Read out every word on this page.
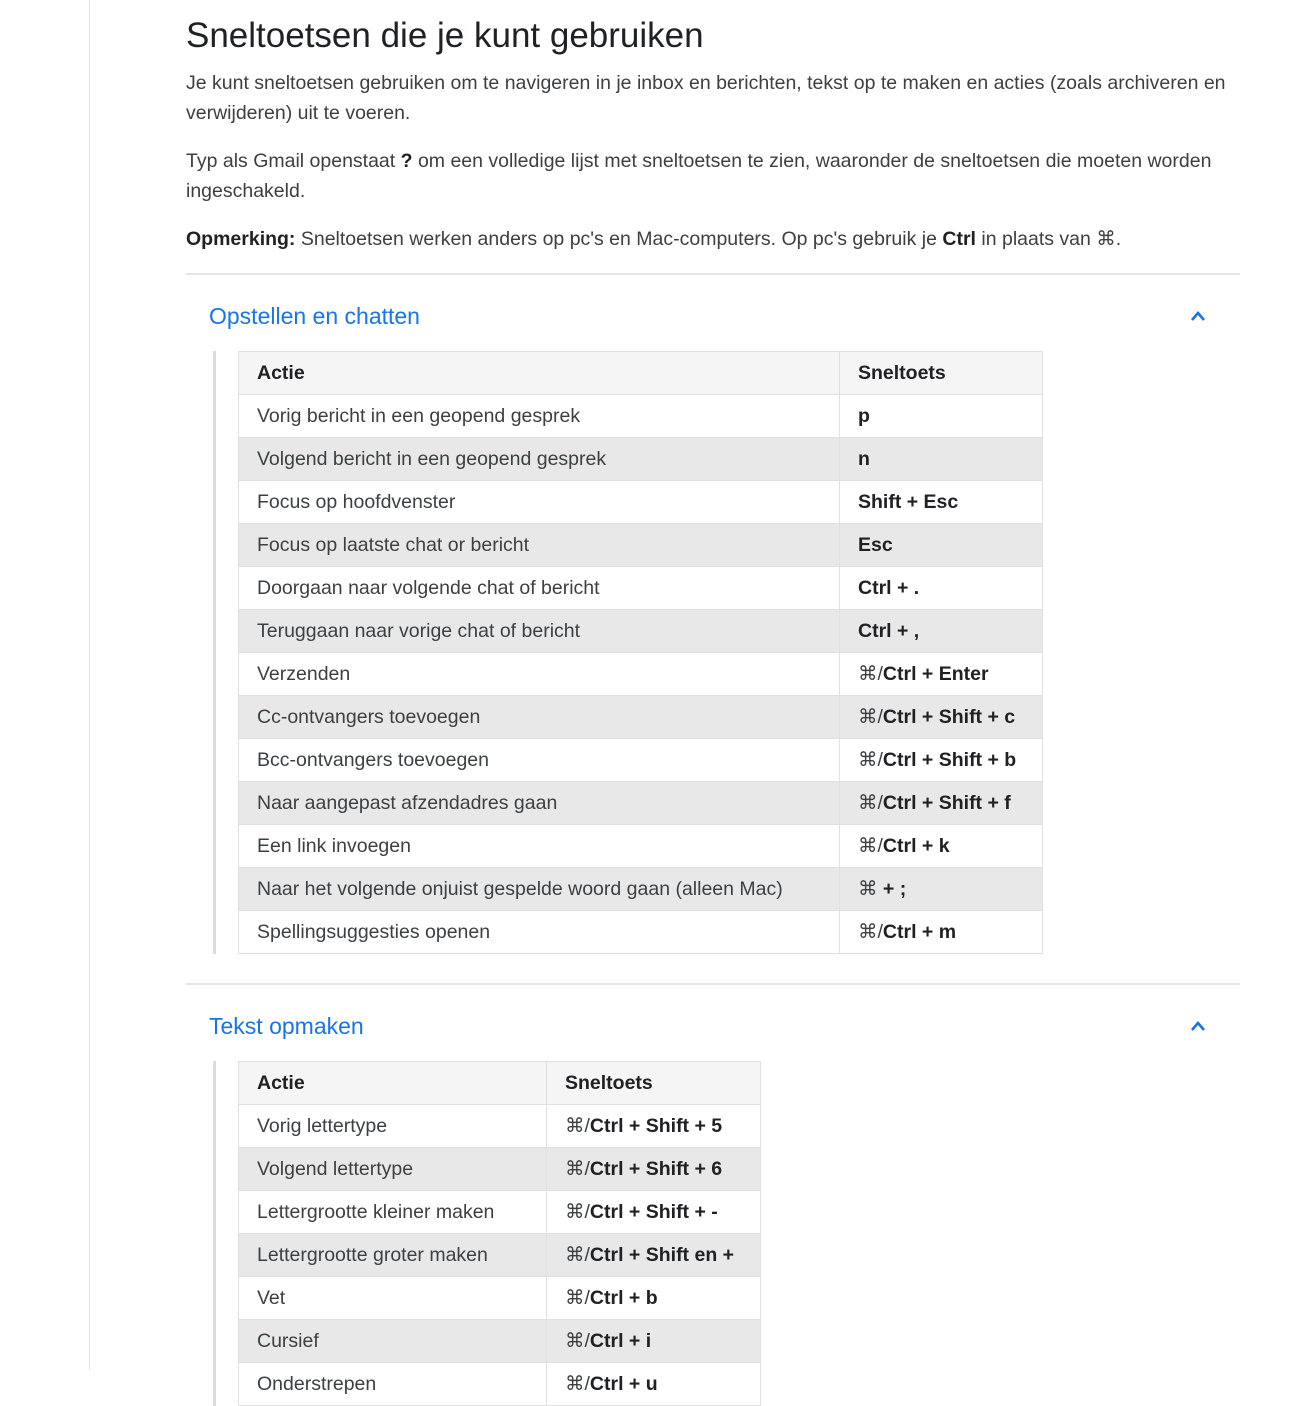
Sneltoetsen die je kunt gebruiken

Je kunt sneltoetsen gebruiken om te navigeren in je inbox en berichten, tekst op te maken en acties (zoals archiveren en verwijderen) uit te voeren.

Typ als Gmail openstaat ? om een volledige lijst met sneltoetsen te zien, waaronder de sneltoetsen die moeten worden ingeschakeld.

Opmerking: Sneltoetsen werken anders op pc's en Mac-computers. Op pc's gebruik je Ctrl in plaats van ⌘.

Opstellen en chatten
Actie	Sneltoets
Vorig bericht in een geopend gesprek	p
Volgend bericht in een geopend gesprek	n
Focus op hoofdvenster	Shift + Esc
Focus op laatste chat or bericht	Esc
Doorgaan naar volgende chat of bericht	Ctrl + .
Teruggaan naar vorige chat of bericht	Ctrl + ,
Verzenden	⌘/Ctrl + Enter
Cc-ontvangers toevoegen	⌘/Ctrl + Shift + c
Bcc-ontvangers toevoegen	⌘/Ctrl + Shift + b
Naar aangepast afzendadres gaan	⌘/Ctrl + Shift + f
Een link invoegen	⌘/Ctrl + k
Naar het volgende onjuist gespelde woord gaan (alleen Mac)	⌘ + ;
Spellingsuggesties openen	⌘/Ctrl + m
Tekst opmaken
Actie	Sneltoets
Vorig lettertype	⌘/Ctrl + Shift + 5
Volgend lettertype	⌘/Ctrl + Shift + 6
Lettergrootte kleiner maken	⌘/Ctrl + Shift + -
Lettergrootte groter maken	⌘/Ctrl + Shift en +
Vet	⌘/Ctrl + b
Cursief	⌘/Ctrl + i
Onderstrepen	⌘/Ctrl + u
